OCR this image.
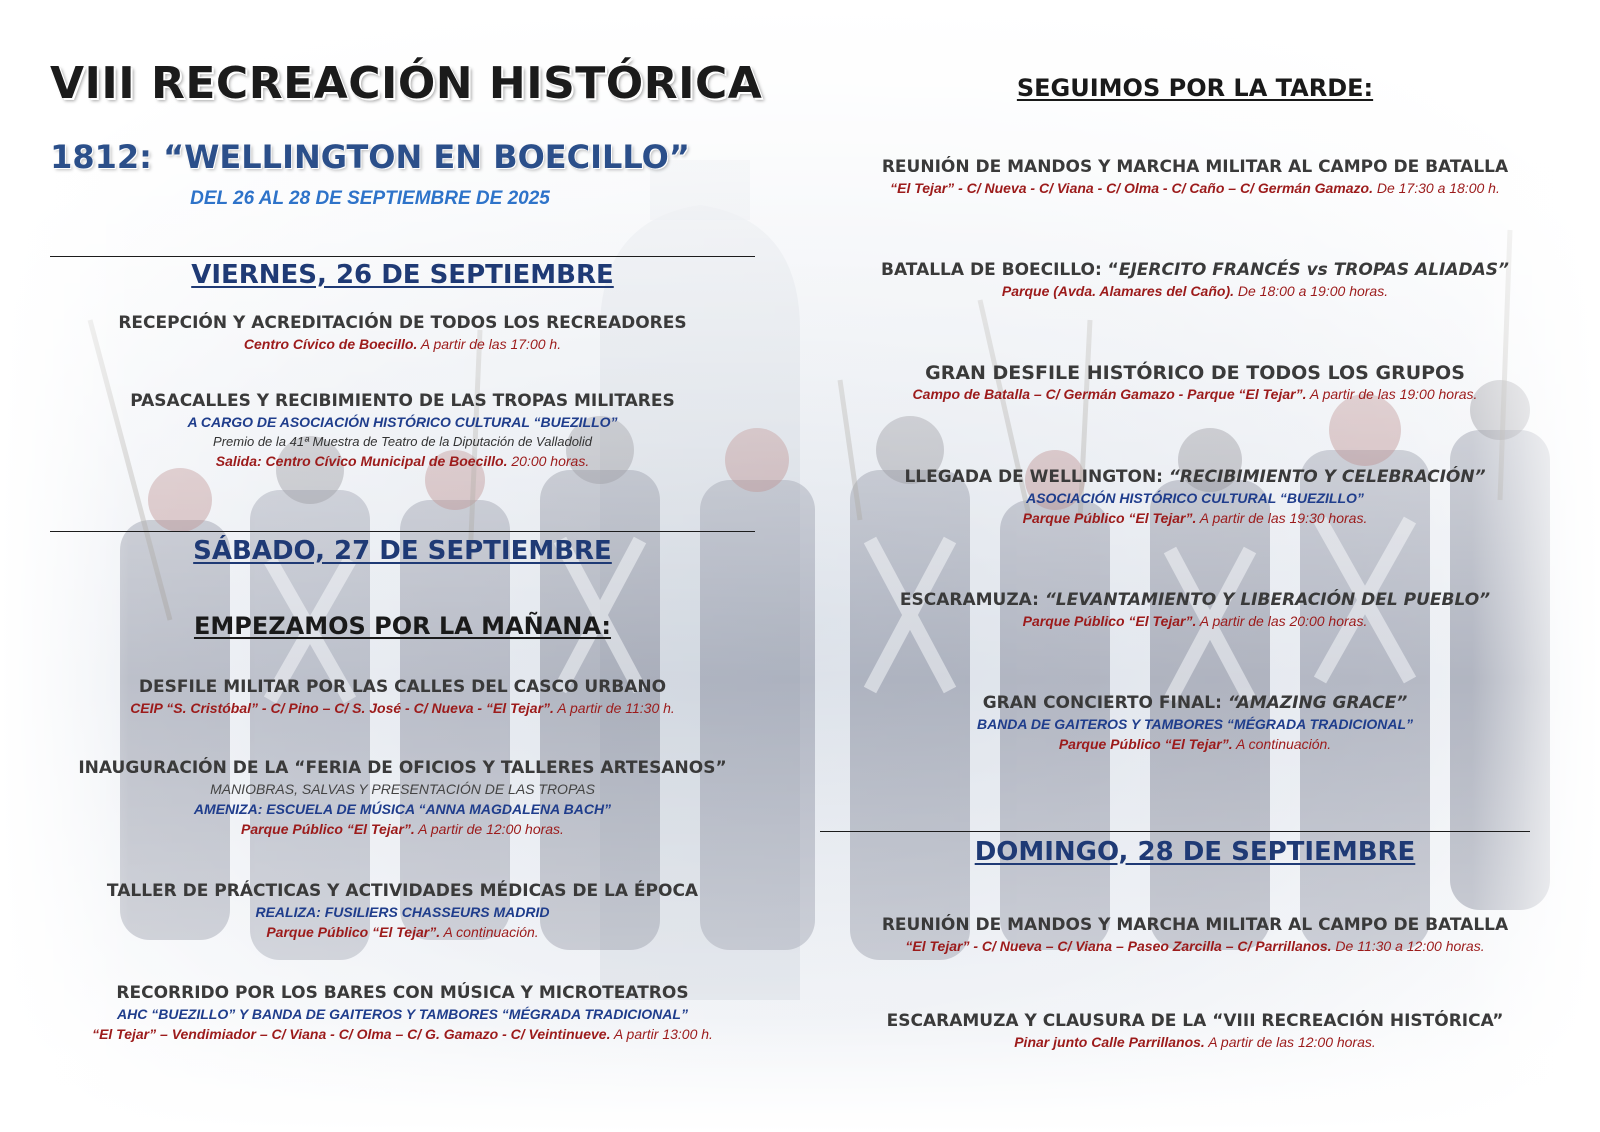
VIII RECREACIÓN HISTÓRICA
1812: “WELLINGTON EN BOECILLO”
DEL 26 AL 28 DE SEPTIEMBRE DE 2025
VIERNES, 26 DE SEPTIEMBRE
RECEPCIÓN Y ACREDITACIÓN DE TODOS LOS RECREADORES
Centro Cívico de Boecillo. A partir de las 17:00 h.
PASACALLES Y RECIBIMIENTO DE LAS TROPAS MILITARES
A CARGO DE ASOCIACIÓN HISTÓRICO CULTURAL “BUEZILLO”
Premio de la 41ª Muestra de Teatro de la Diputación de Valladolid
Salida: Centro Cívico Municipal de Boecillo. 20:00 horas.
SÁBADO, 27 DE SEPTIEMBRE
EMPEZAMOS POR LA MAÑANA:
DESFILE MILITAR POR LAS CALLES DEL CASCO URBANO
CEIP “S. Cristóbal” - C/ Pino – C/ S. José - C/ Nueva - “El Tejar”. A partir de 11:30 h.
INAUGURACIÓN DE LA “FERIA DE OFICIOS Y TALLERES ARTESANOS”
MANIOBRAS, SALVAS Y PRESENTACIÓN DE LAS TROPAS
AMENIZA: ESCUELA DE MÚSICA “ANNA MAGDALENA BACH”
Parque Público “El Tejar”. A partir de 12:00 horas.
TALLER DE PRÁCTICAS Y ACTIVIDADES MÉDICAS DE LA ÉPOCA
REALIZA: FUSILIERS CHASSEURS MADRID
Parque Público “El Tejar”. A continuación.
RECORRIDO POR LOS BARES CON MÚSICA Y MICROTEATROS
AHC “BUEZILLO” Y BANDA DE GAITEROS Y TAMBORES “MÉGRADA TRADICIONAL”
“El Tejar” – Vendimiador – C/ Viana - C/ Olma – C/ G. Gamazo - C/ Veintinueve. A partir 13:00 h.
SEGUIMOS POR LA TARDE:
REUNIÓN DE MANDOS Y MARCHA MILITAR AL CAMPO DE BATALLA
“El Tejar” - C/ Nueva - C/ Viana - C/ Olma - C/ Caño – C/ Germán Gamazo. De 17:30 a 18:00 h.
BATALLA DE BOECILLO: “EJERCITO FRANCÉS vs TROPAS ALIADAS”
Parque (Avda. Alamares del Caño). De 18:00 a 19:00 horas.
GRAN DESFILE HISTÓRICO DE TODOS LOS GRUPOS
Campo de Batalla – C/ Germán Gamazo - Parque “El Tejar”. A partir de las 19:00 horas.
LLEGADA DE WELLINGTON: “RECIBIMIENTO Y CELEBRACIÓN”
ASOCIACIÓN HISTÓRICO CULTURAL “BUEZILLO”
Parque Público “El Tejar”. A partir de las 19:30 horas.
ESCARAMUZA: “LEVANTAMIENTO Y LIBERACIÓN DEL PUEBLO”
Parque Público “El Tejar”. A partir de las 20:00 horas.
GRAN CONCIERTO FINAL: “AMAZING GRACE”
BANDA DE GAITEROS Y TAMBORES “MÉGRADA TRADICIONAL”
Parque Público “El Tejar”. A continuación.
DOMINGO, 28 DE SEPTIEMBRE
REUNIÓN DE MANDOS Y MARCHA MILITAR AL CAMPO DE BATALLA
“El Tejar” - C/ Nueva – C/ Viana – Paseo Zarcilla – C/ Parrillanos. De 11:30 a 12:00 horas.
ESCARAMUZA Y CLAUSURA DE LA “VIII RECREACIÓN HISTÓRICA”
Pinar junto Calle Parrillanos. A partir de las 12:00 horas.
